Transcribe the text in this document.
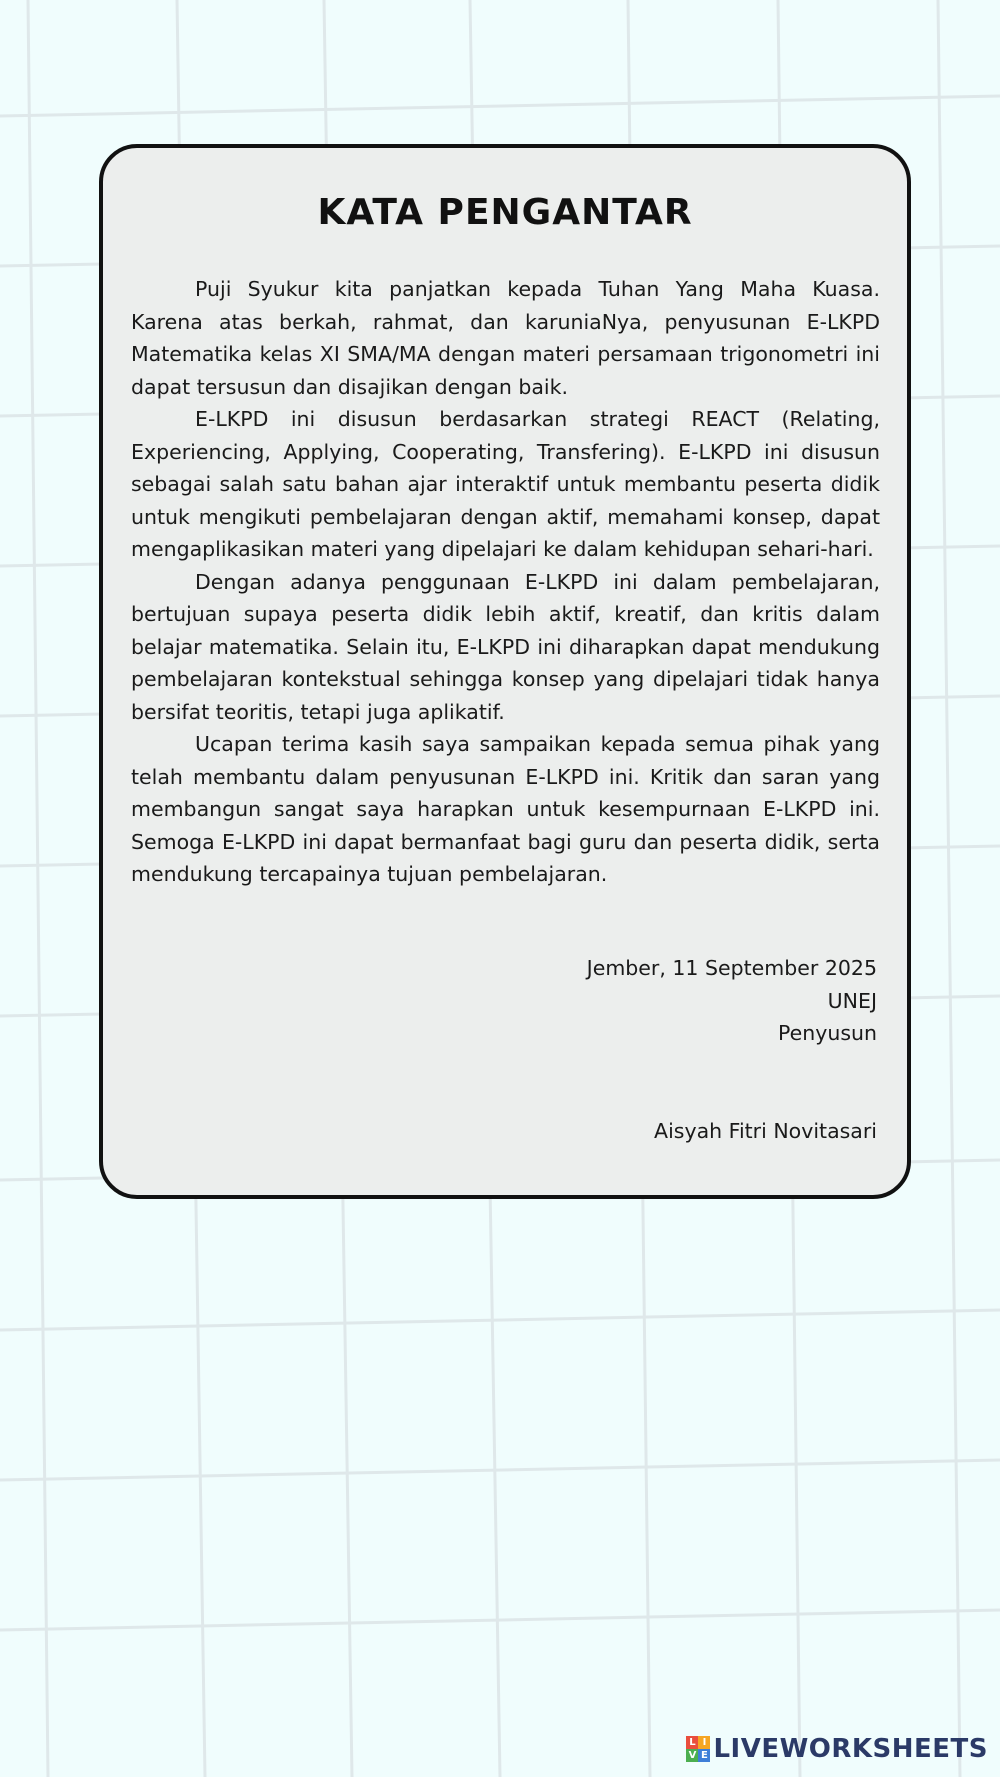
KATA PENGANTAR

Puji Syukur kita panjatkan kepada Tuhan Yang Maha Kuasa. Karena atas berkah, rahmat, dan karuniaNya, penyusunan E-LKPD Matematika kelas XI SMA/MA dengan materi persamaan trigonometri ini dapat tersusun dan disajikan dengan baik.

E-LKPD ini disusun berdasarkan strategi REACT (Relating, Experiencing, Applying, Cooperating, Transfering). E-LKPD ini disusun sebagai salah satu bahan ajar interaktif untuk membantu peserta didik untuk mengikuti pembelajaran dengan aktif, memahami konsep, dapat mengaplikasikan materi yang dipelajari ke dalam kehidupan sehari-hari.

Dengan adanya penggunaan E-LKPD ini dalam pembelajaran, bertujuan supaya peserta didik lebih aktif, kreatif, dan kritis dalam belajar matematika. Selain itu, E-LKPD ini diharapkan dapat mendukung pembelajaran kontekstual sehingga konsep yang dipelajari tidak hanya bersifat teoritis, tetapi juga aplikatif.

Ucapan terima kasih saya sampaikan kepada semua pihak yang telah membantu dalam penyusunan E-LKPD ini. Kritik dan saran yang membangun sangat saya harapkan untuk kesempurnaan E-LKPD ini. Semoga E-LKPD ini dapat bermanfaat bagi guru dan peserta didik, serta mendukung tercapainya tujuan pembelajaran.

Jember, 11 September 2025
UNEJ
Penyusun
Aisyah Fitri Novitasari
L I
V E LIVEWORKSHEETS
